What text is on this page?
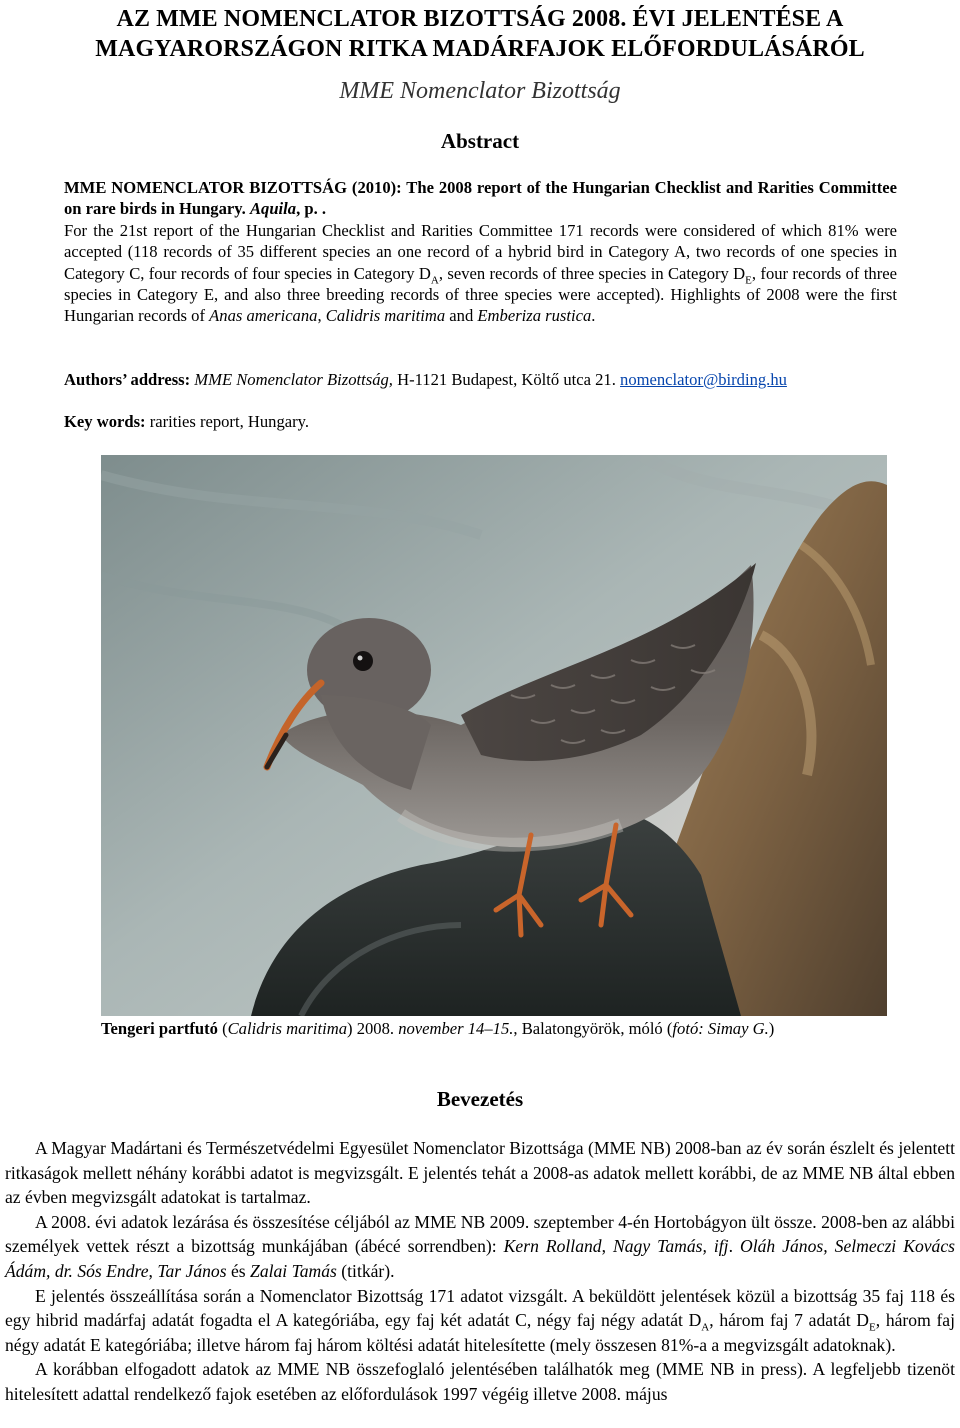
AZ MME NOMENCLATOR BIZOTTSÁG 2008. ÉVI JELENTÉSE A
MAGYARORSZÁGON RITKA MADÁRFAJOK ELŐFORDULÁSÁRÓL
MME Nomenclator Bizottság
Abstract
MME NOMENCLATOR BIZOTTSÁG (2010): The 2008 report of the Hungarian Checklist and Rarities Committee on rare birds in Hungary. Aquila, p. .
For the 21st report of the Hungarian Checklist and Rarities Committee 171 records were considered of which 81% were accepted (118 records of 35 different species an one record of a hybrid bird in Category A, two records of one species in Category C, four records of four species in Category $D_A$, seven records of three species in Category $D_E$, four records of three species in Category E, and also three breeding records of three species were accepted). Highlights of 2008 were the first Hungarian records of Anas americana, Calidris maritima and Emberiza rustica.
Authors’ address: MME Nomenclator Bizottság, H-1121 Budapest, Költő utca 21. nomenclator@birding.hu
Key words: rarities report, Hungary.
Tengeri partfutó (Calidris maritima) 2008. november 14–15., Balatongyörök, móló (fotó: Simay G.)
Bevezetés

A Magyar Madártani és Természetvédelmi Egyesület Nomenclator Bizottsága (MME NB) 2008-ban az év során észlelt és jelentett ritkaságok mellett néhány korábbi adatot is megvizsgált. E jelentés tehát a 2008-as adatok mellett korábbi, de az MME NB által ebben az évben megvizsgált adatokat is tartalmaz.

A 2008. évi adatok lezárása és összesítése céljából az MME NB 2009. szeptember 4-én Hortobágyon ült össze. 2008-ben az alábbi személyek vettek részt a bizottság munkájában (ábécé sorrendben): Kern Rolland, Nagy Tamás, ifj. Oláh János, Selmeczi Kovács Ádám, dr. Sós Endre, Tar János és Zalai Tamás (titkár).

E jelentés összeállítása során a Nomenclator Bizottság 171 adatot vizsgált. A beküldött jelentések közül a bizottság 35 faj 118 és egy hibrid madárfaj adatát fogadta el A kategóriába, egy faj két adatát C, négy faj négy adatát $D_A$, három faj 7 adatát $D_E$, három faj négy adatát E kategóriába; illetve három faj három költési adatát hitelesítette (mely összesen 81%-a a megvizsgált adatoknak).

A korábban elfogadott adatok az MME NB összefoglaló jelentésében találhatók meg (MME NB in press). A legfeljebb tizenöt hitelesített adattal rendelkező fajok esetében az előfordulások 1997 végéig illetve 2008. május
